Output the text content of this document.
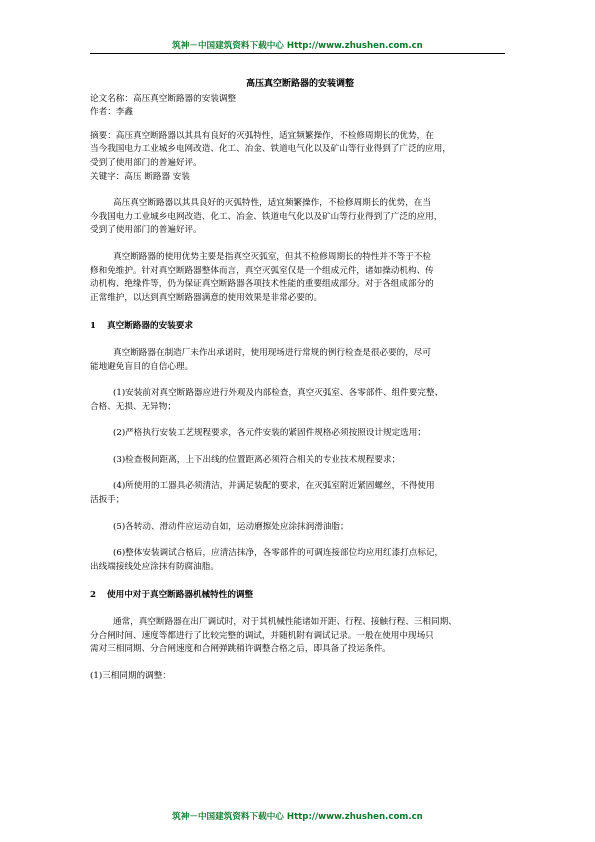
筑神－中国建筑资料下载中心 Http://www.zhushen.com.cn
高压真空断路器的安装调整

论文名称：高压真空断路器的安装调整

作者：李鑫

摘要：高压真空断路器以其具有良好的灭弧特性，适宜频繁操作，不检修周期长的优势，在

当今我国电力工业城乡电网改造、化工、冶金、铁道电气化以及矿山等行业得到了广泛的应用，

受到了使用部门的普遍好评。

关键字：高压 断路器 安装

高压真空断路器以其具良好的灭弧特性，适宜频繁操作，不检修周期长的优势，在当

今我国电力工业城乡电网改造、化工、冶金、铁道电气化以及矿山等行业得到了广泛的应用，

受到了使用部门的普遍好评。

真空断路器的使用优势主要是指真空灭弧室，但其不检修周期长的特性并不等于不检

修和免维护。针对真空断路器整体而言，真空灭弧室仅是一个组成元件，诸如操动机构、传

动机构、绝缘件等，仍为保证真空断路器各项技术性能的重要组成部分。对于各组成部分的

正常维护，以达到真空断路器满意的使用效果是非常必要的。

1 真空断路器的安装要求

真空断路器在制造厂未作出承诺时，使用现场进行常规的例行检查是很必要的，尽可

能地避免盲目的自信心理。

(1)安装前对真空断路器应进行外观及内部检查，真空灭弧室、各零部件、组件要完整、

合格、无损、无异物；

(2)严格执行安装工艺规程要求，各元件安装的紧固件规格必须按照设计规定选用；

(3)检查极间距离，上下出线的位置距离必须符合相关的专业技术规程要求；

(4)所使用的工器具必须清洁，并满足装配的要求，在灭弧室附近紧固螺丝，不得使用

活扳手；

(5)各转动、滑动件应运动自如，运动磨擦处应涂抹润滑油脂；

(6)整体安装调试合格后，应清洁抹净，各零部件的可调连接部位均应用红漆打点标记，

出线端接线处应涂抹有防腐油脂。

2 使用中对于真空断路器机械特性的调整

通常，真空断路器在出厂调试时，对于其机械性能诸如开距、行程、接触行程、三相同期、

分合闸时间、速度等都进行了比较完整的调试，并随机附有调试记录。一般在使用中现场只

需对三相同期、分合闸速度和合闸弹跳稍许调整合格之后，即具备了投运条件。

(1)三相同期的调整：

筑神－中国建筑资料下载中心 Http://www.zhushen.com.cn
